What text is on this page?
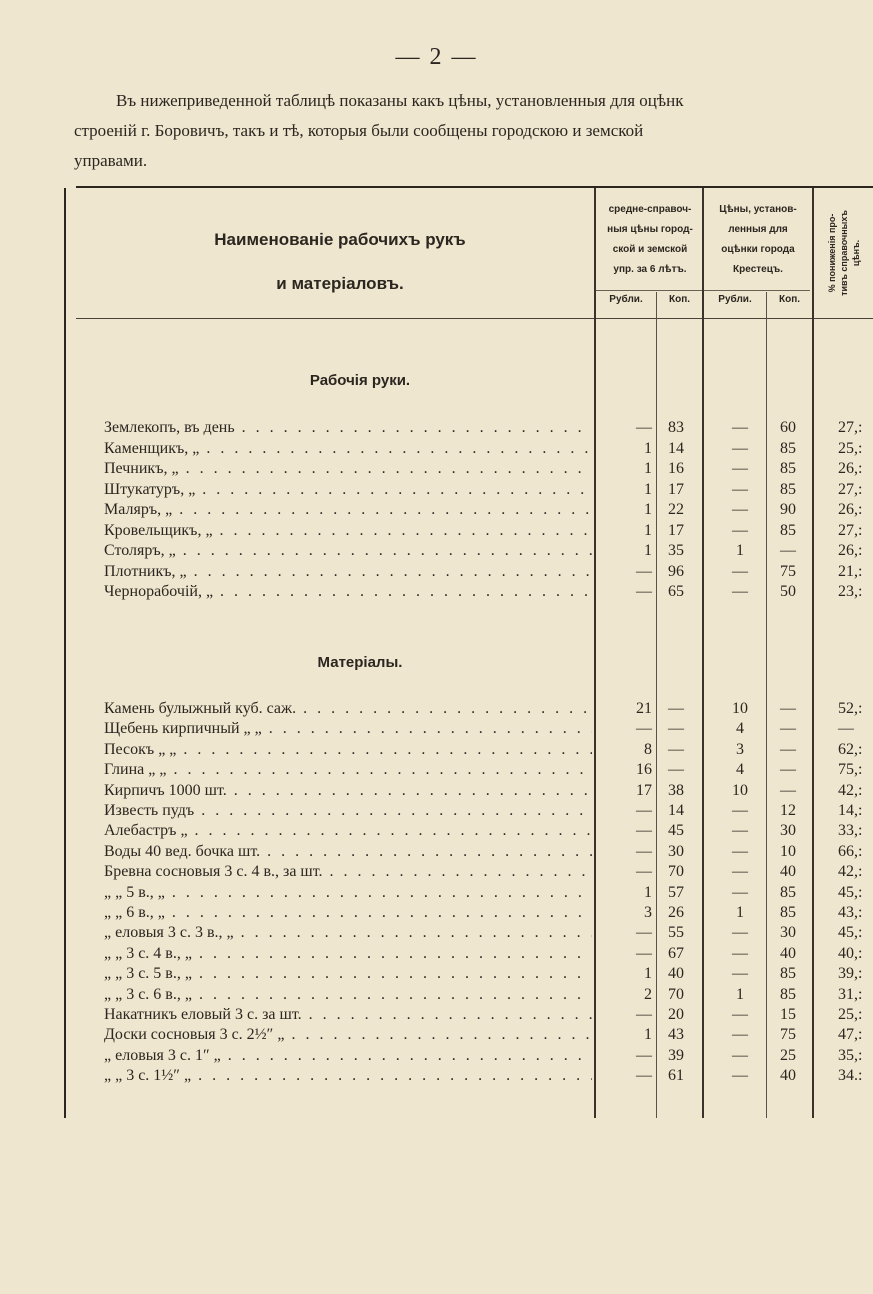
— 2 —
Въ нижеприведенной таблицѣ показаны какъ цѣны, установленныя для оцѣнк
строеній г. Боровичъ, такъ и тѣ, которыя были сообщены городскою и земской
управами.
Наименованіе рабочихъ рукъ
и матеріаловъ.
средне-справоч-
ныя цѣны город-
ской и земской
упр. за 6 лѣтъ.
Цѣны, установ-
ленныя для
оцѣнки города
Крестецъ.	% пониженія про- тивъ справочныхъ цѣнъ.
Рубли.	Коп.	Рубли.	Коп.
Рабочія руки.
Матеріалы.
Землекопъ, въ день . . .	—	83	—	60	27,:
Каменщикъ, „ . . .	1	14	—	85	25,:
Печникъ, „ . . .	1	16	—	85	26,:
Штукатуръ, „ . . .	1	17	—	85	27,:
Маляръ, „ . . .	1	22	—	90	26,:
Кровельщикъ, „ . . .	1	17	—	85	27,:
Столяръ, „ . . .	1	35	1	—	26,:
Плотникъ, „ . . .	—	96	—	75	21,:
Чернорабочій, „ . . .	—	65	—	50	23,:
Камень булыжный куб. саж. . . .	21	—	10	—	52,:
Щебень кирпичный „ „ . . .	—	—	4	—	—
Песокъ „ „ . . .	8	—	3	—	62,:
Глина „ „ . . .	16	—	4	—	75,:
Кирпичъ 1000 шт. . . .	17	38	10	—	42,:
Известь пудъ . . .	—	14	—	12	14,:
Алебастръ „ . . .	—	45	—	30	33,:
Воды 40 вед. бочка шт. . . .	—	30	—	10	66,:
Бревна сосновыя 3 с. 4 в., за шт. . . .	—	70	—	40	42,:
„ „ 5 в., „ . . .	1	57	—	85	45,:
„ „ 6 в., „ . . .	3	26	1	85	43,:
„ еловыя 3 с. 3 в., „ . . .	—	55	—	30	45,:
„ „ 3 с. 4 в., „ . . .	—	67	—	40	40,:
„ „ 3 с. 5 в., „ . . .	1	40	—	85	39,:
„ „ 3 с. 6 в., „ . . .	2	70	1	85	31,:
Накатникъ еловый 3 с. за шт. . . .	—	20	—	15	25,:
Доски сосновыя 3 с. 2½″ „ . . .	1	43	—	75	47,:
„ еловыя 3 с. 1″ „ . . .	—	39	—	25	35,:
„ „ 3 с. 1½″ „ . . .	—	61	—	40	34.:
